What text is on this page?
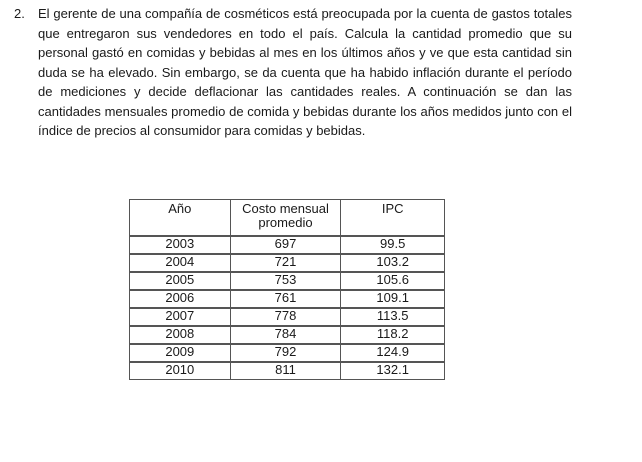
2. El gerente de una compañía de cosméticos está preocupada por la cuenta de gastos totales que entregaron sus vendedores en todo el país. Calcula la cantidad promedio que su personal gastó en comidas y bebidas al mes en los últimos años y ve que esta cantidad sin duda se ha elevado. Sin embargo, se da cuenta que ha habido inflación durante el período de mediciones y decide deflacionar las cantidades reales. A continuación se dan las cantidades mensuales promedio de comida y bebidas durante los años medidos junto con el índice de precios al consumidor para comidas y bebidas.

Año	Costo mensual promedio	IPC
2003	697	99.5
2004	721	103.2
2005	753	105.6
2006	761	109.1
2007	778	113.5
2008	784	118.2
2009	792	124.9
2010	811	132.1
